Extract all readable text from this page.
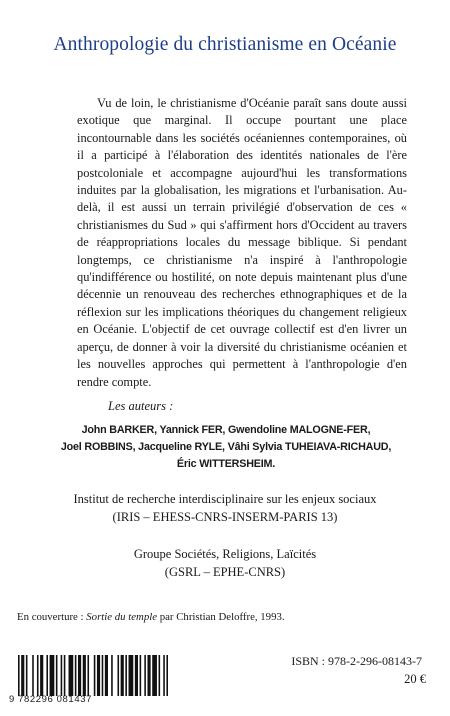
Anthropologie du christianisme en Océanie

Vu de loin, le christianisme d'Océanie paraît sans doute aussi exotique que marginal. Il occupe pourtant une place incontournable dans les sociétés océaniennes contemporaines, où il a participé à l'élaboration des identités nationales de l'ère postcoloniale et accompagne aujourd'hui les transformations induites par la globalisation, les migrations et l'urbanisation. Au-delà, il est aussi un terrain privilégié d'observation de ces « christianismes du Sud » qui s'affirment hors d'Occident au travers de réappropriations locales du message biblique. Si pendant longtemps, ce christianisme n'a inspiré à l'anthropologie qu'indifférence ou hostilité, on note depuis maintenant plus d'une décennie un renouveau des recherches ethnographiques et de la réflexion sur les implications théoriques du changement religieux en Océanie. L'objectif de cet ouvrage collectif est d'en livrer un aperçu, de donner à voir la diversité du christianisme océanien et les nouvelles approches qui permettent à l'anthropologie d'en rendre compte.

Les auteurs :
John BARKER, Yannick FER, Gwendoline MALOGNE-FER,
Joel ROBBINS, Jacqueline RYLE, Vâhi Sylvia TUHEIAVA-RICHAUD,
Éric WITTERSHEIM.
Institut de recherche interdisciplinaire sur les enjeux sociaux
(IRIS – EHESS-CNRS-INSERM-PARIS 13)
Groupe Sociétés, Religions, Laïcités
(GSRL – EPHE-CNRS)
En couverture : Sortie du temple par Christian Deloffre, 1993.
9 782296 081437
ISBN : 978-2-296-08143-7
20 €
